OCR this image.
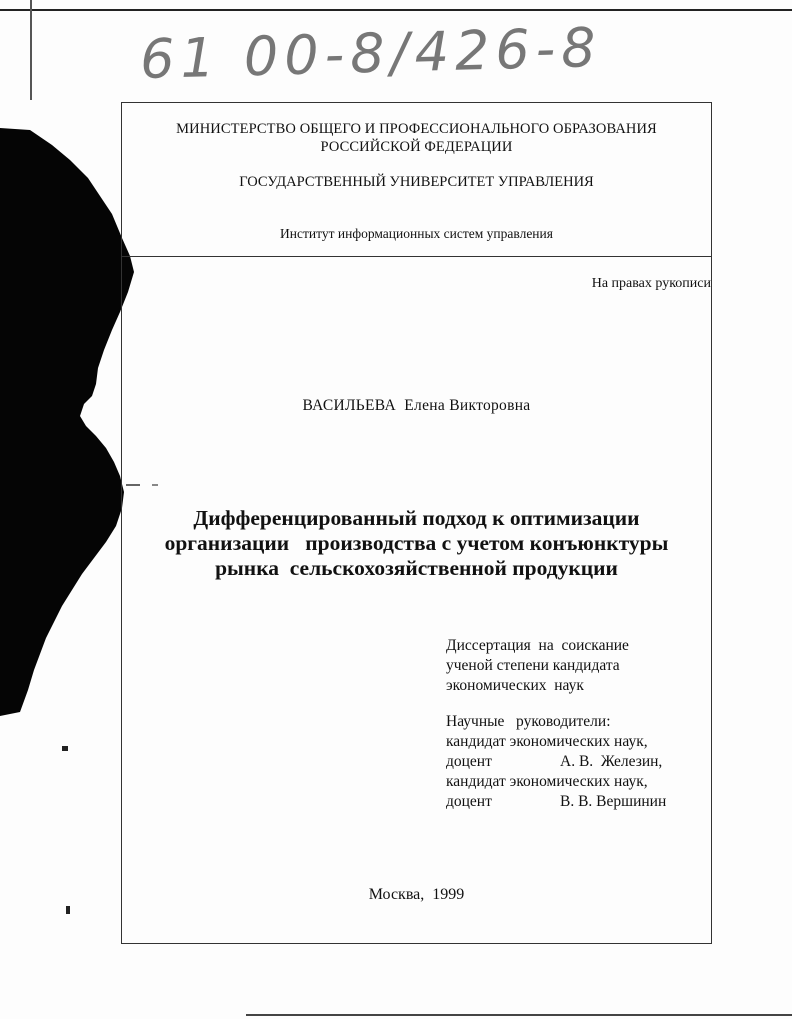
61 00-8/426-8
МИНИСТЕРСТВО ОБЩЕГО И ПРОФЕССИОНАЛЬНОГО ОБРАЗОВАНИЯ
РОССИЙСКОЙ ФЕДЕРАЦИИ
ГОСУДАРСТВЕННЫЙ УНИВЕРСИТЕТ УПРАВЛЕНИЯ
Институт информационных систем управления
На правах рукописи
ВАСИЛЬЕВА  Елена Викторовна
Дифференцированный подход к оптимизации
организации   производства с учетом конъюнктуры
рынка  сельскохозяйственной продукции
Диссертация  на  соискание
ученой степени кандидата
экономических  наук
Научные   руководители:
кандидат экономических наук,
доцент	А. В.  Железин,
кандидат экономических наук,
доцент	В. В. Вершинин
Москва,  1999
